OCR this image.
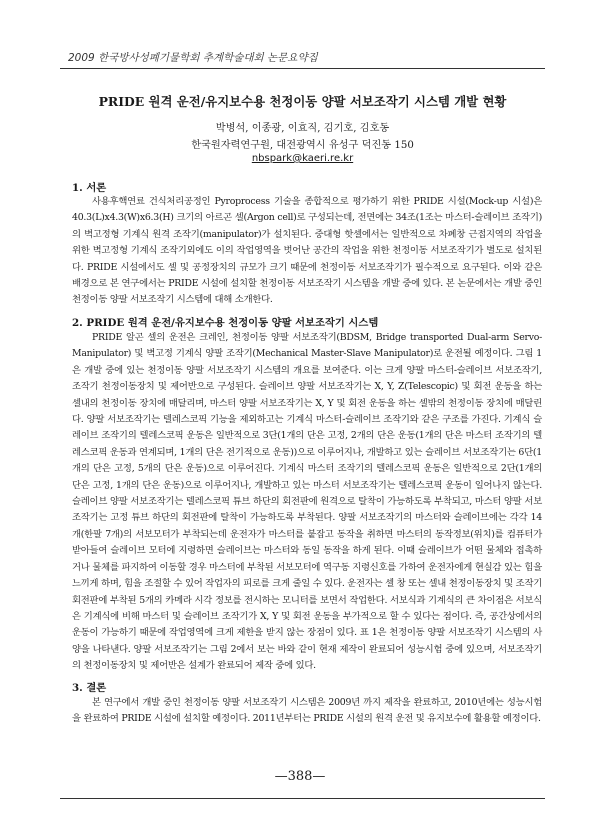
2009 한국방사성폐기물학회 추계학술대회 논문요약집
PRIDE 원격 운전/유지보수용 천정이동 양팔 서보조작기 시스템 개발 현황
박병석, 이종광, 이효직, 김기호, 김호동
한국원자력연구원, 대전광역시 유성구 덕진동 150
nbspark@kaeri.re.kr
1. 서론
사용후핵연료 건식처리공정인 Pyroprocess 기술을 종합적으로 평가하기 위한 PRIDE 시설(Mock-up 시설)은 40.3(L)x4.3(W)x6.3(H) 크기의 아르곤 셀(Argon cell)로 구성되는데, 전면에는 34조(1조는 마스터-슬레이브 조작기)의 벽고정형 기계식 원격 조작기(manipulator)가 설치된다. 중대형 핫셀에서는 일반적으로 차폐창 근접지역의 작업을 위한 벽고정형 기계식 조작기외에도 이의 작업영역을 벗어난 공간의 작업을 위한 천정이동 서보조작기가 별도로 설치된다. PRIDE 시설에서도 셀 및 공정장치의 규모가 크기 때문에 천정이동 서보조작기가 필수적으로 요구된다. 이와 같은 배경으로 본 연구에서는 PRIDE 시설에 설치할 천정이동 서보조작기 시스템을 개발 중에 있다. 본 논문에서는 개발 중인 천정이동 양팔 서보조작기 시스템에 대해 소개한다.
2. PRIDE 원격 운전/유지보수용 천정이동 양팔 서보조작기 시스템
PRIDE 알곤 셀의 운전은 크레인, 천정이동 양팔 서보조작기(BDSM, Bridge transported Dual-arm Servo-Manipulator) 및 벽고정 기계식 양팔 조작기(Mechanical Master-Slave Manipulator)로 운전될 예정이다. 그림 1은 개발 중에 있는 천정이동 양팔 서보조작기 시스템의 개요를 보여준다. 이는 크게 양팔 마스터-슬레이브 서보조작기, 조작기 천정이동장치 및 제어반으로 구성된다. 슬레이브 양팔 서보조작기는 X, Y, Z(Telescopic) 및 회전 운동을 하는 셀내의 천정이동 장치에 매달리며, 마스터 양팔 서보조작기는 X, Y 및 회전 운동을 하는 셀밖의 천정이동 장치에 매달린다. 양팔 서보조작기는 텔레스코픽 기능을 제외하고는 기계식 마스터-슬레이브 조작기와 같은 구조를 가진다. 기계식 슬레이브 조작기의 텔레스코픽 운동은 일반적으로 3단(1개의 단은 고정, 2개의 단은 운동(1개의 단은 마스터 조작기의 텔레스코픽 운동과 연계되며, 1개의 단은 전기적으로 운동))으로 이루어지나, 개발하고 있는 슬레이브 서보조작기는 6단(1개의 단은 고정, 5개의 단은 운동)으로 이루어진다. 기계식 마스터 조작기의 텔레스코픽 운동은 일반적으로 2단(1개의 단은 고정, 1개의 단은 운동)으로 이루어지나, 개발하고 있는 마스터 서보조작기는 텔레스코픽 운동이 일어나지 않는다. 슬레이브 양팔 서보조작기는 텔레스코픽 튜브 하단의 회전판에 원격으로 탈착이 가능하도록 부착되고, 마스터 양팔 서보조작기는 고정 튜브 하단의 회전판에 탈착이 가능하도록 부착된다. 양팔 서보조작기의 마스터와 슬레이브에는 각각 14개(한팔 7개)의 서보모터가 부착되는데 운전자가 마스터를 붙잡고 동작을 취하면 마스터의 동작정보(위치)를 컴퓨터가 받아들여 슬레이브 모터에 지령하면 슬레이브는 마스터와 동일 동작을 하게 된다. 이때 슬레이브가 어떤 물체와 접촉하거나 물체를 파지하여 이동할 경우 마스터에 부착된 서보모터에 역구동 지령신호를 가하여 운전자에게 현실감 있는 힘을 느끼게 하며, 힘을 조절할 수 있어 작업자의 피로를 크게 줄일 수 있다. 운전자는 셀 창 또는 셀내 천정이동장치 및 조작기 회전판에 부착된 5개의 카메라 시각 정보를 전시하는 모니터를 보면서 작업한다. 서보식과 기계식의 큰 차이점은 서보식은 기계식에 비해 마스터 및 슬레이브 조작기가 X, Y 및 회전 운동을 부가적으로 할 수 있다는 점이다. 즉, 공간상에서의 운동이 가능하기 때문에 작업영역에 크게 제한을 받지 않는 장점이 있다. 표 1은 천정이동 양팔 서보조작기 시스템의 사양을 나타낸다. 양팔 서보조작기는 그림 2에서 보는 바와 같이 현재 제작이 완료되어 성능시험 중에 있으며, 서보조작기의 천정이동장치 및 제어반은 설계가 완료되어 제작 중에 있다.
3. 결론
본 연구에서 개발 중인 천정이동 양팔 서보조작기 시스템은 2009년 까지 제작을 완료하고, 2010년에는 성능시험을 완료하여 PRIDE 시설에 설치할 예정이다. 2011년부터는 PRIDE 시설의 원격 운전 및 유지보수에 활용할 예정이다.
—388—
